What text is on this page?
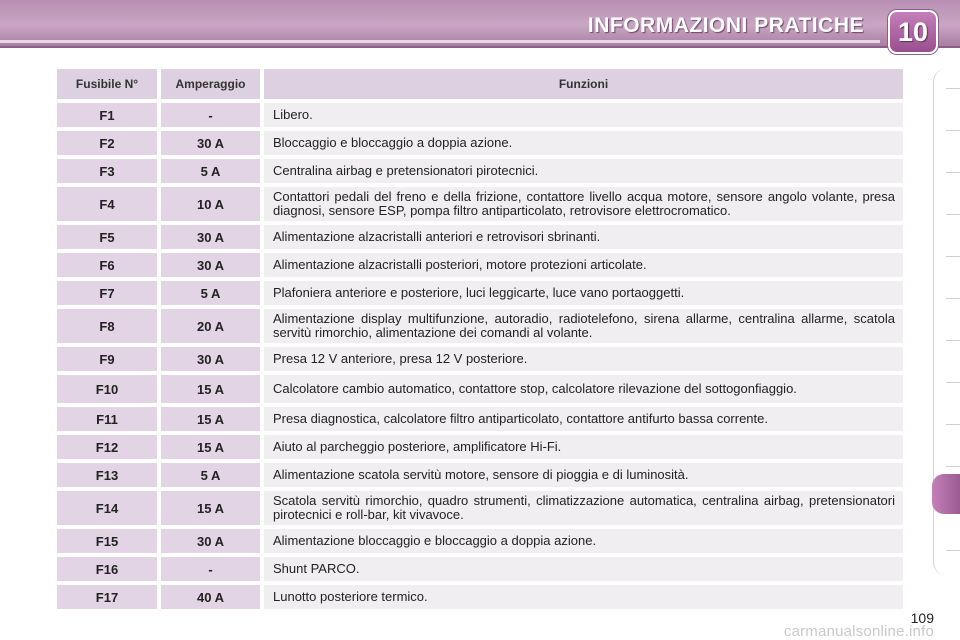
INFORMAZIONI PRATICHE 10
Fusibile N°	Amperaggio	Funzioni
F1	-	Libero.
F2	30 A	Bloccaggio e bloccaggio a doppia azione.
F3	5 A	Centralina airbag e pretensionatori pirotecnici.
F4	10 A	Contattori pedali del freno e della frizione, contattore livello acqua motore, sensore angolo volante, presa diagnosi, sensore ESP, pompa filtro antiparticolato, retrovisore elettrocromatico.
F5	30 A	Alimentazione alzacristalli anteriori e retrovisori sbrinanti.
F6	30 A	Alimentazione alzacristalli posteriori, motore protezioni articolate.
F7	5 A	Plafoniera anteriore e posteriore, luci leggicarte, luce vano portaoggetti.
F8	20 A	Alimentazione display multifunzione, autoradio, radiotelefono, sirena allarme, centralina allarme, scatola servitù rimorchio, alimentazione dei comandi al volante.
F9	30 A	Presa 12 V anteriore, presa 12 V posteriore.
F10	15 A	Calcolatore cambio automatico, contattore stop, calcolatore rilevazione del sottogonfiaggio.
F11	15 A	Presa diagnostica, calcolatore filtro antiparticolato, contattore antifurto bassa corrente.
F12	15 A	Aiuto al parcheggio posteriore, amplificatore Hi-Fi.
F13	5 A	Alimentazione scatola servitù motore, sensore di pioggia e di luminosità.
F14	15 A	Scatola servitù rimorchio, quadro strumenti, climatizzazione automatica, centralina airbag, pretensionatori pirotecnici e roll-bar, kit vivavoce.
F15	30 A	Alimentazione bloccaggio e bloccaggio a doppia azione.
F16	-	Shunt PARCO.
F17	40 A	Lunotto posteriore termico.
109
carmanualsonline.info
